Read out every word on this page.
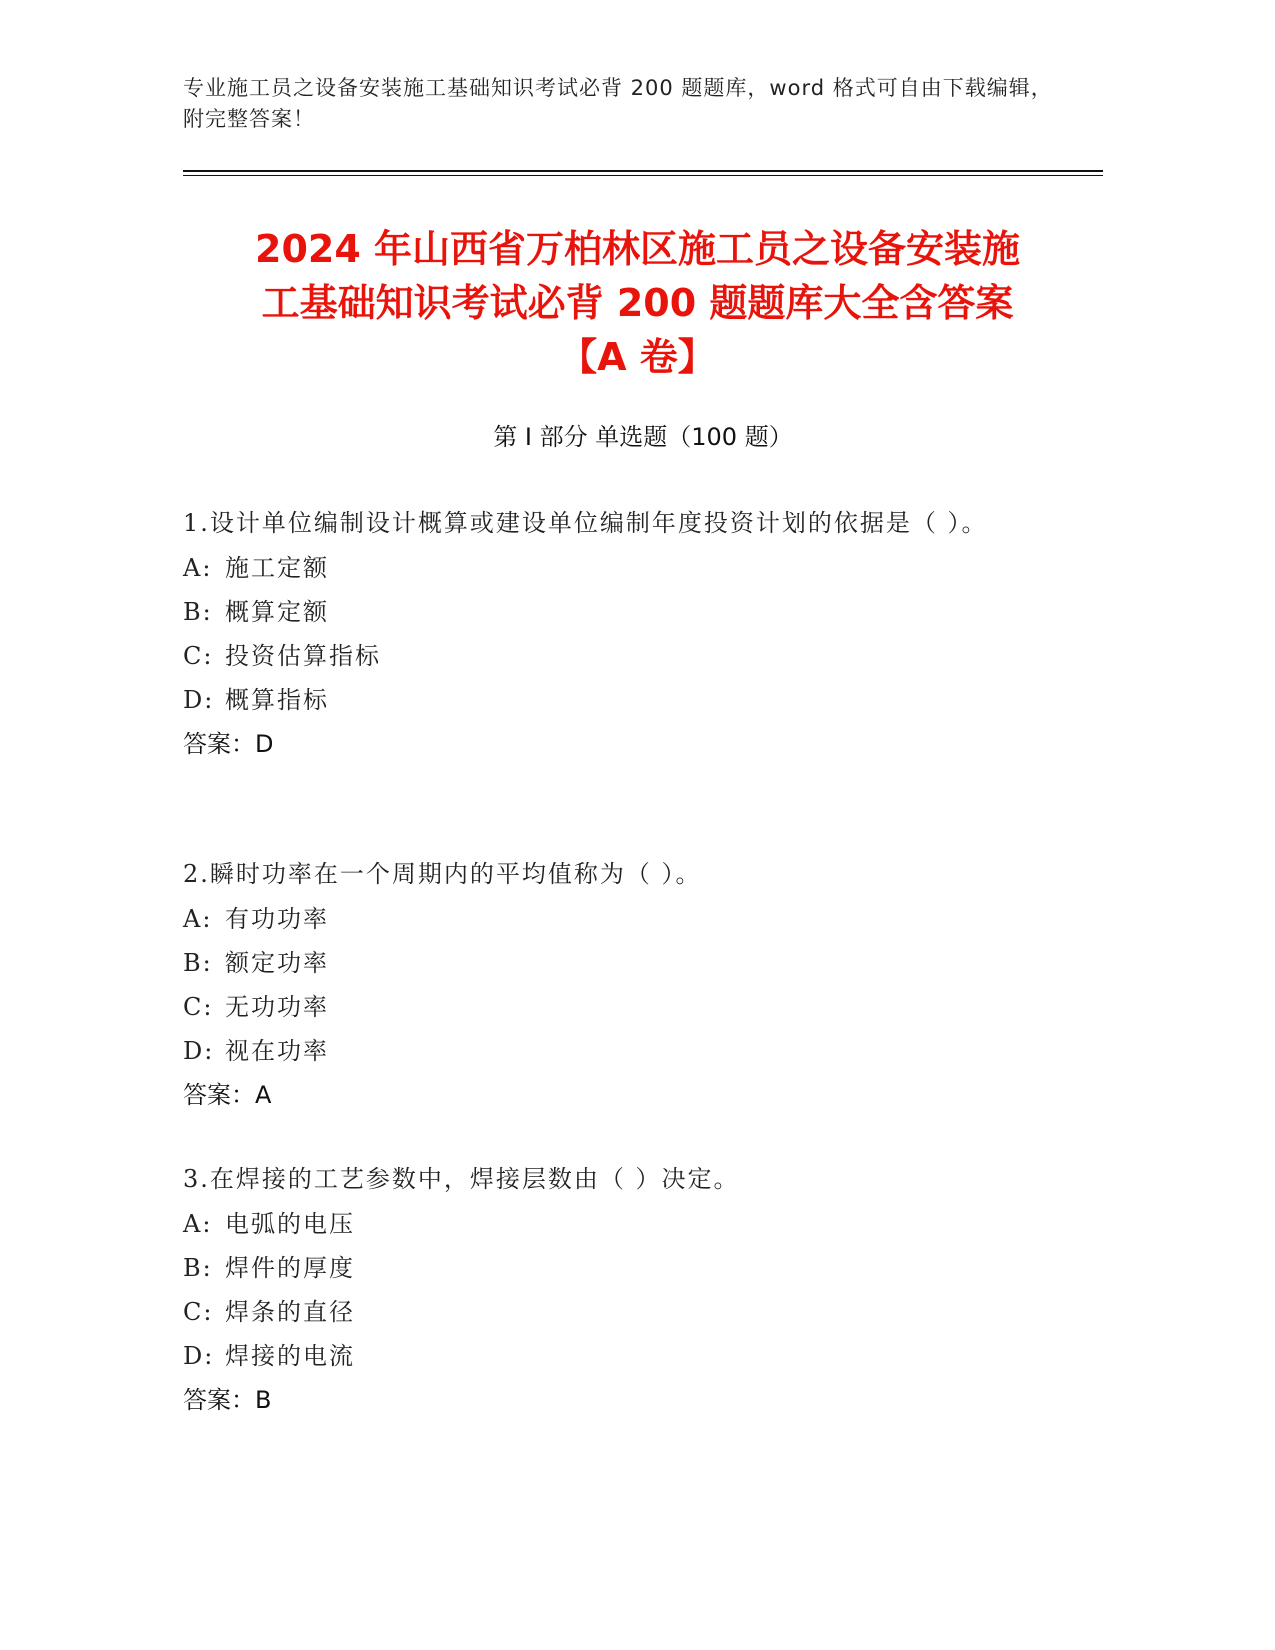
专业施工员之设备安装施工基础知识考试必背 200 题题库，word 格式可自由下载编辑，附完整答案！
2024 年山西省万柏林区施工员之设备安装施
工基础知识考试必背 200 题题库大全含答案
【A 卷】
第 I 部分 单选题（100 题）

1.设计单位编制设计概算或建设单位编制年度投资计划的依据是（ ）。

A: 施工定额

B: 概算定额

C: 投资估算指标

D: 概算指标

答案：D

2.瞬时功率在一个周期内的平均值称为（ ）。

A: 有功功率

B: 额定功率

C: 无功功率

D: 视在功率

答案：A

3.在焊接的工艺参数中，焊接层数由（ ）决定。

A: 电弧的电压

B: 焊件的厚度

C: 焊条的直径

D: 焊接的电流

答案：B
